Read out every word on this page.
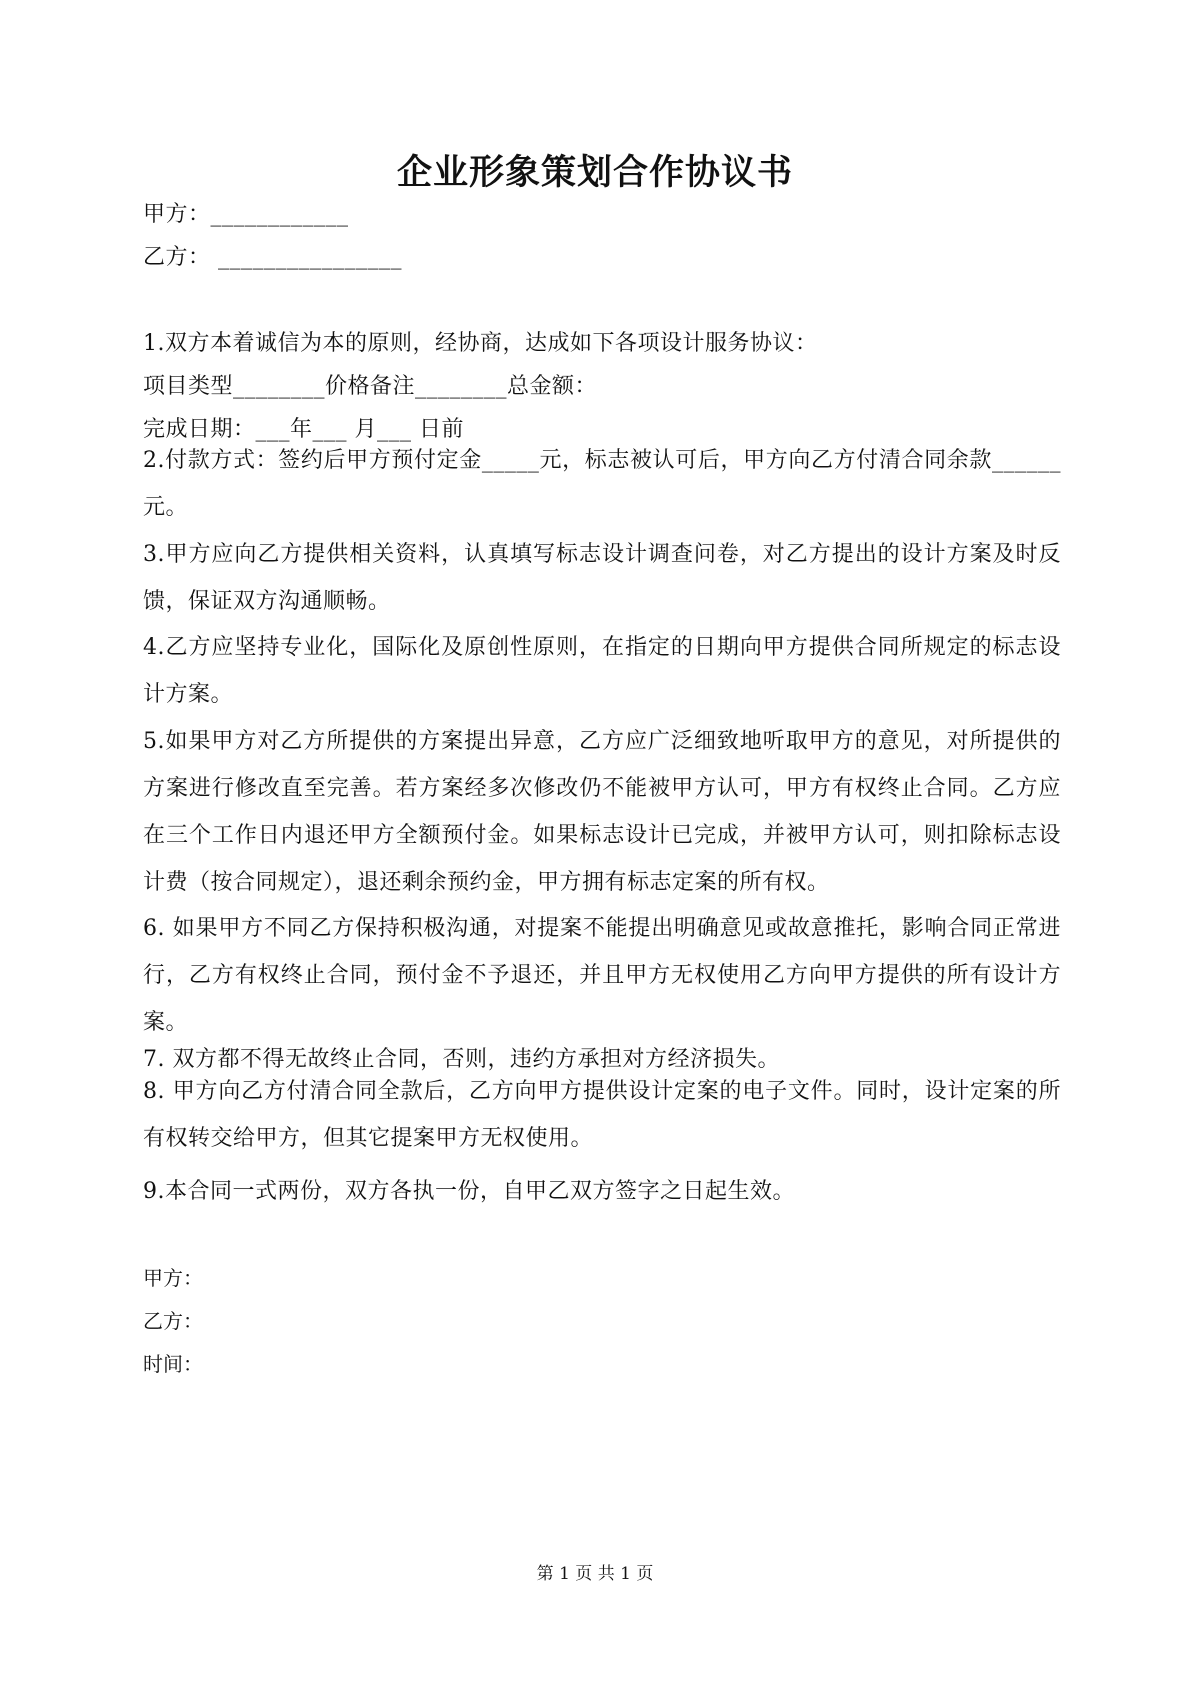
企业形象策划合作协议书
甲方：____________
乙方： ________________
1.双方本着诚信为本的原则，经协商，达成如下各项设计服务协议：
项目类型________价格备注________总金额：
完成日期：___年___ 月___ 日前
2.付款方式：签约后甲方预付定金_____元，标志被认可后，甲方向乙方付清合同余款______元。
3.甲方应向乙方提供相关资料，认真填写标志设计调查问卷，对乙方提出的设计方案及时反馈，保证双方沟通顺畅。
4.乙方应坚持专业化，国际化及原创性原则，在指定的日期向甲方提供合同所规定的标志设计方案。
5.如果甲方对乙方所提供的方案提出异意，乙方应广泛细致地听取甲方的意见，对所提供的方案进行修改直至完善。若方案经多次修改仍不能被甲方认可，甲方有权终止合同。乙方应在三个工作日内退还甲方全额预付金。如果标志设计已完成，并被甲方认可，则扣除标志设计费（按合同规定），退还剩余预约金，甲方拥有标志定案的所有权。
6. 如果甲方不同乙方保持积极沟通，对提案不能提出明确意见或故意推托，影响合同正常进行，乙方有权终止合同，预付金不予退还，并且甲方无权使用乙方向甲方提供的所有设计方案。
7. 双方都不得无故终止合同，否则，违约方承担对方经济损失。
8. 甲方向乙方付清合同全款后，乙方向甲方提供设计定案的电子文件。同时，设计定案的所有权转交给甲方，但其它提案甲方无权使用。
9.本合同一式两份，双方各执一份，自甲乙双方签字之日起生效。
甲方：
乙方：
时间：
第 1 页 共 1 页
